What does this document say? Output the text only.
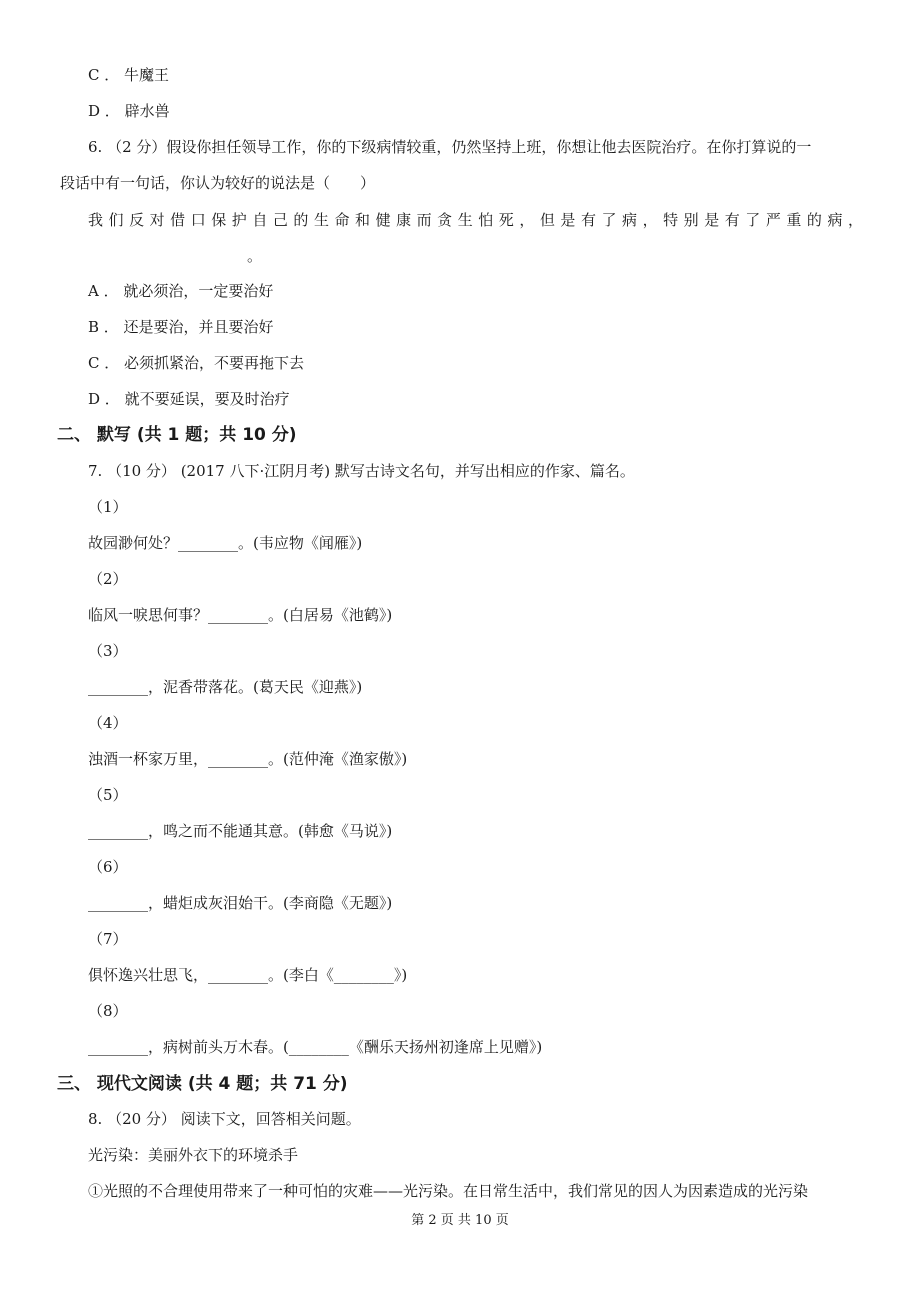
C ． 牛魔王
D ． 辟水兽
6. （2 分）假设你担任领导工作，你的下级病情较重，仍然坚持上班，你想让他去医院治疗。在你打算说的一
段话中有一句话，你认为较好的说法是（　　）
我们反对借口保护自己的生命和健康而贪生怕死，但是有了病，特别是有了严重的病，
。
A ． 就必须治，一定要治好
B ． 还是要治，并且要治好
C ． 必须抓紧治，不要再拖下去
D ． 就不要延误，要及时治疗
二、 默写 (共 1 题；共 10 分)
7. （10 分） (2017 八下·江阴月考) 默写古诗文名句，并写出相应的作家、篇名。
（1）
故园渺何处？________。(韦应物《闻雁》)
（2）
临风一唳思何事？________。(白居易《池鹤》)
（3）
________，泥香带落花。(葛天民《迎燕》)
（4）
浊酒一杯家万里，________。(范仲淹《渔家傲》)
（5）
________，鸣之而不能通其意。(韩愈《马说》)
（6）
________，蜡炬成灰泪始干。(李商隐《无题》)
（7）
俱怀逸兴壮思飞，________。(李白《________》)
（8）
________，病树前头万木春。(________《酬乐天扬州初逢席上见赠》)
三、 现代文阅读 (共 4 题；共 71 分)
8. （20 分） 阅读下文，回答相关问题。
光污染：美丽外衣下的环境杀手
①光照的不合理使用带来了一种可怕的灾难——光污染。在日常生活中，我们常见的因人为因素造成的光污染
第 2 页 共 10 页
